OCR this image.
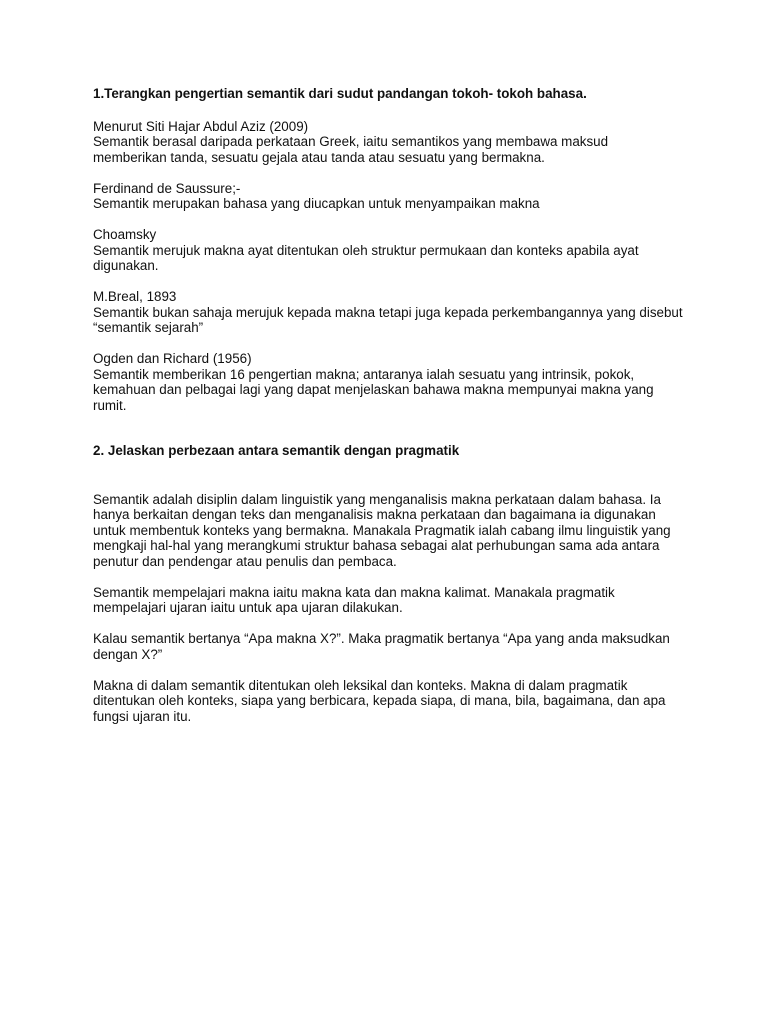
1.Terangkan pengertian semantik dari sudut pandangan tokoh- tokoh bahasa.

Menurut Siti Hajar Abdul Aziz (2009)

Semantik berasal daripada perkataan Greek, iaitu semantikos yang membawa maksud memberikan tanda, sesuatu gejala atau tanda atau sesuatu yang bermakna.

Ferdinand de Saussure;-

Semantik merupakan bahasa yang diucapkan untuk menyampaikan makna

Choamsky

Semantik merujuk makna ayat ditentukan oleh struktur permukaan dan konteks apabila ayat digunakan.

M.Breal, 1893

Semantik bukan sahaja merujuk kepada makna tetapi juga kepada perkembangannya yang disebut “semantik sejarah”

Ogden dan Richard (1956)

Semantik memberikan 16 pengertian makna; antaranya ialah sesuatu yang intrinsik, pokok, kemahuan dan pelbagai lagi yang dapat menjelaskan bahawa makna mempunyai makna yang rumit.

2. Jelaskan perbezaan antara semantik dengan pragmatik

Semantik adalah disiplin dalam linguistik yang menganalisis makna perkataan dalam bahasa. Ia hanya berkaitan dengan teks dan menganalisis makna perkataan dan bagaimana ia digunakan untuk membentuk konteks yang bermakna. Manakala Pragmatik ialah cabang ilmu linguistik yang mengkaji hal-hal yang merangkumi struktur bahasa sebagai alat perhubungan sama ada antara penutur dan pendengar atau penulis dan pembaca.

Semantik mempelajari makna iaitu makna kata dan makna kalimat. Manakala pragmatik mempelajari ujaran iaitu untuk apa ujaran dilakukan.

Kalau semantik bertanya “Apa makna X?”. Maka pragmatik bertanya “Apa yang anda maksudkan dengan X?”

Makna di dalam semantik ditentukan oleh leksikal dan konteks. Makna di dalam pragmatik ditentukan oleh konteks, siapa yang berbicara, kepada siapa, di mana, bila, bagaimana, dan apa fungsi ujaran itu.
